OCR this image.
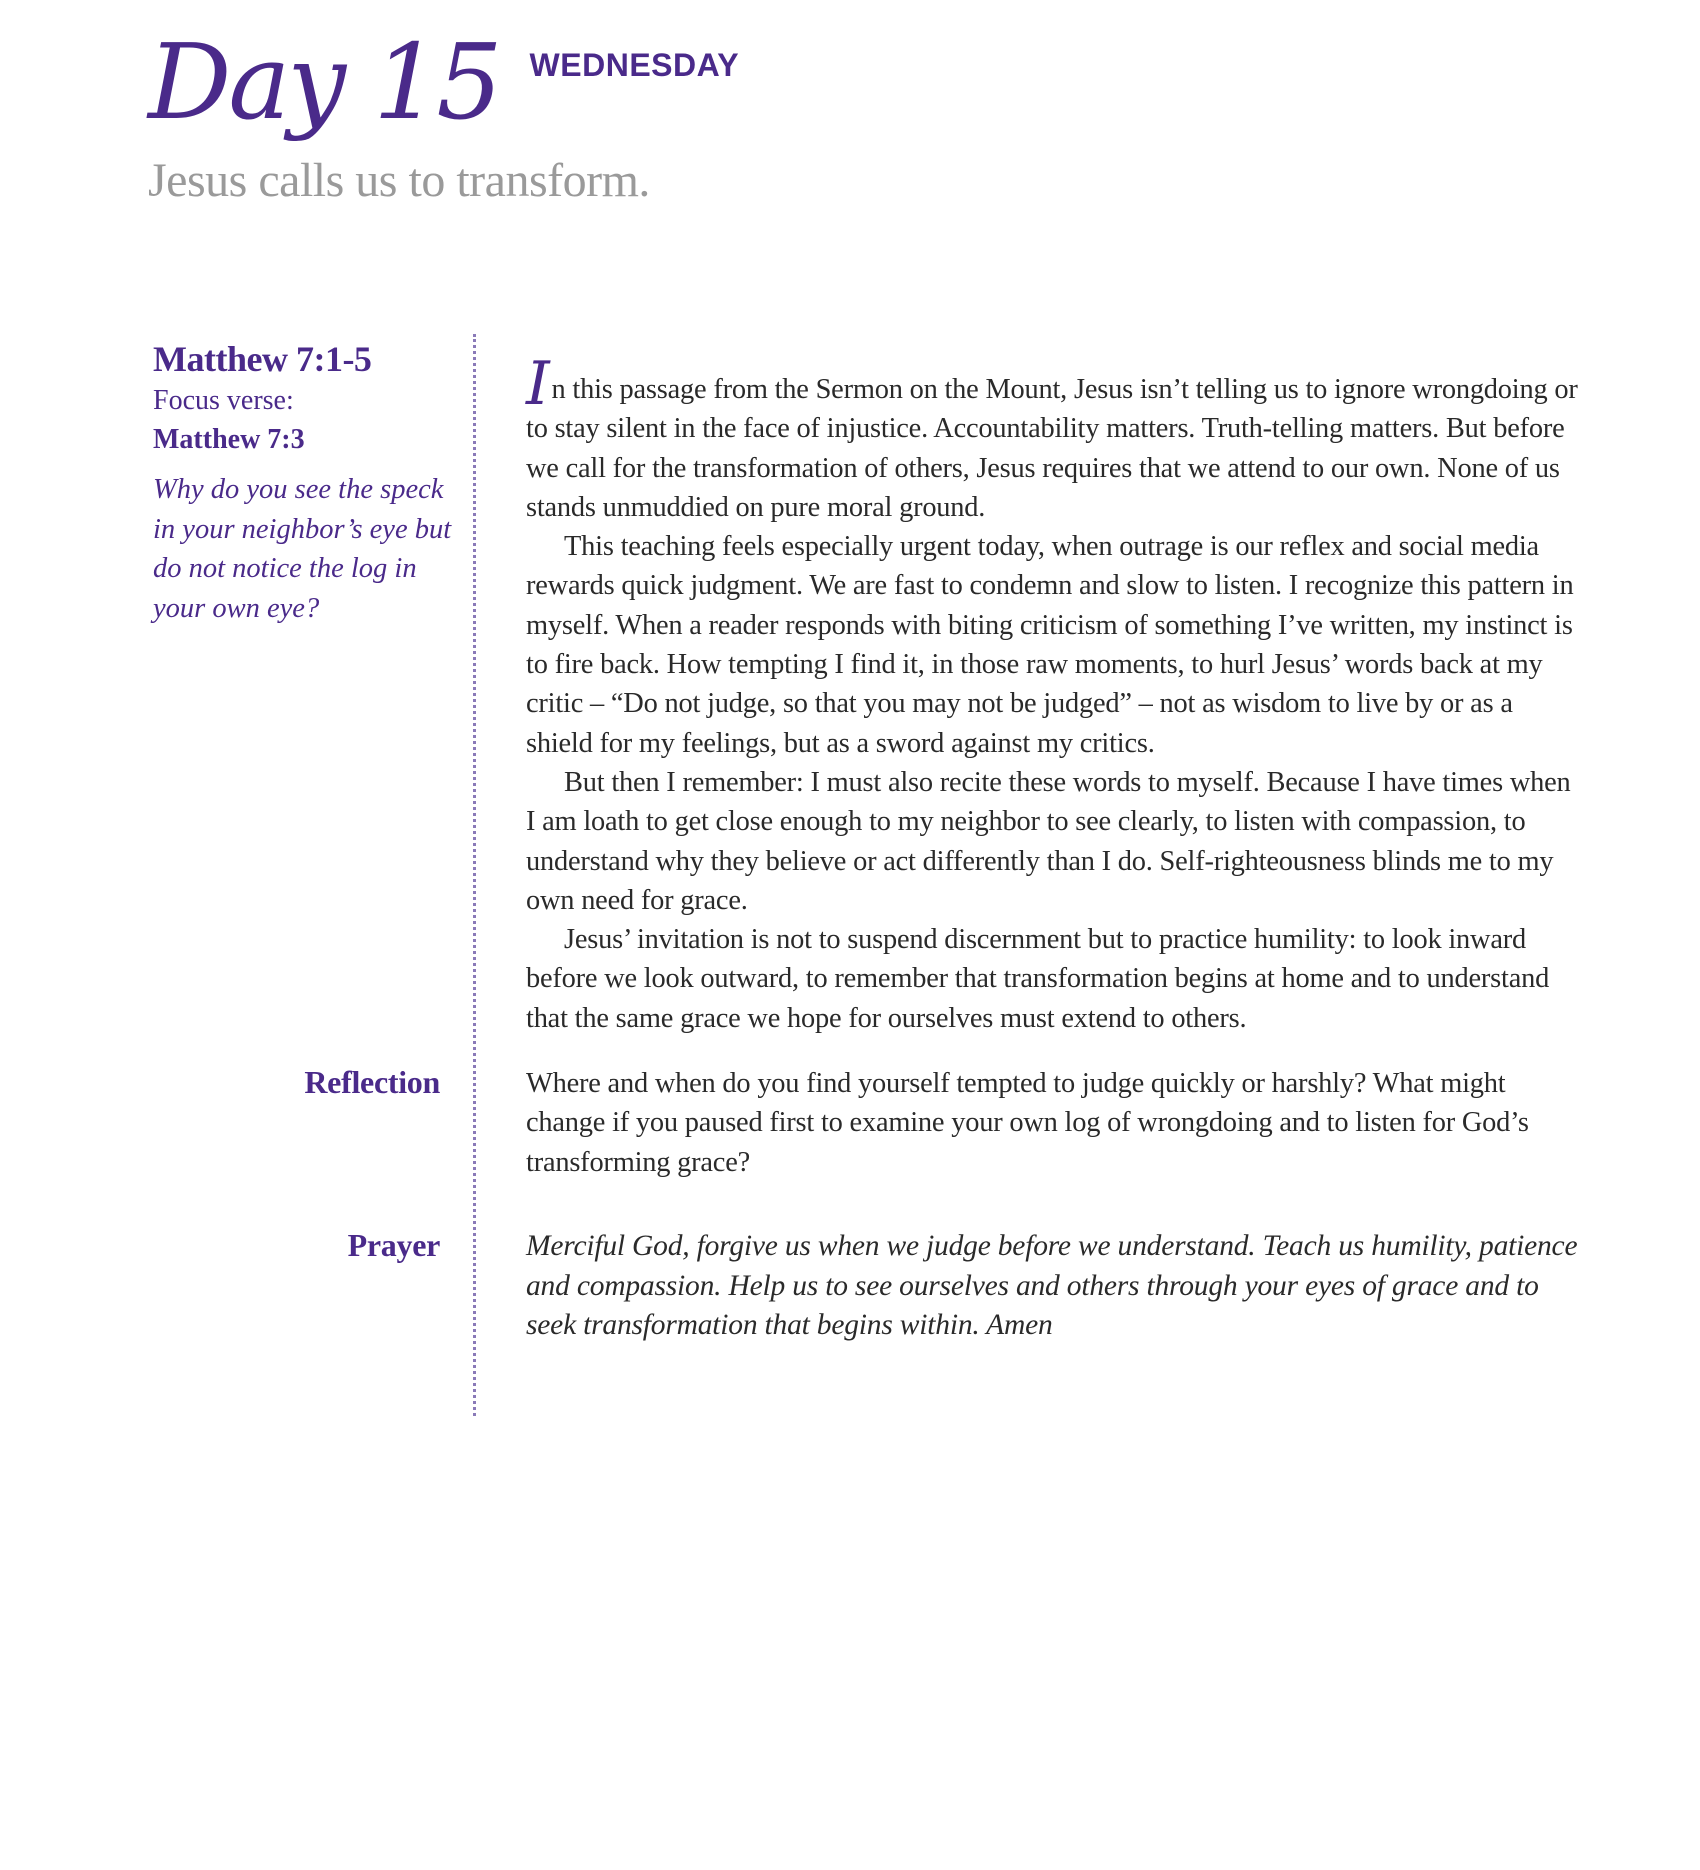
Day 15 WEDNESDAY
Jesus calls us to transform.
Matthew 7:1-5
Focus verse:
Matthew 7:3
Why do you see the speck in your neighbor’s eye but do not notice the log in your own eye?

In this passage from the Sermon on the Mount, Jesus isn’t telling us to ignore wrongdoing or to stay silent in the face of injustice. Accountability matters. Truth-telling matters. But before we call for the transformation of others, Jesus requires that we attend to our own. None of us stands unmuddied on pure moral ground.

This teaching feels especially urgent today, when outrage is our reflex and social media rewards quick judgment. We are fast to condemn and slow to listen. I recognize this pattern in myself. When a reader responds with biting criticism of something I’ve written, my instinct is to fire back. How tempting I find it, in those raw moments, to hurl Jesus’ words back at my critic – “Do not judge, so that you may not be judged” – not as wisdom to live by or as a shield for my feelings, but as a sword against my critics.

But then I remember: I must also recite these words to myself. Because I have times when I am loath to get close enough to my neighbor to see clearly, to listen with compassion, to understand why they believe or act differently than I do. Self-righteousness blinds me to my own need for grace.

Jesus’ invitation is not to suspend discernment but to practice humility: to look inward before we look outward, to remember that transformation begins at home and to understand that the same grace we hope for ourselves must extend to others.

Reflection	Where and when do you find yourself tempted to judge quickly or harshly? What might change if you paused first to examine your own log of wrongdoing and to listen for God’s transforming grace?
Prayer	Merciful God, forgive us when we judge before we understand. Teach us humility, patience and compassion. Help us to see ourselves and others through your eyes of grace and to seek transformation that begins within. Amen
